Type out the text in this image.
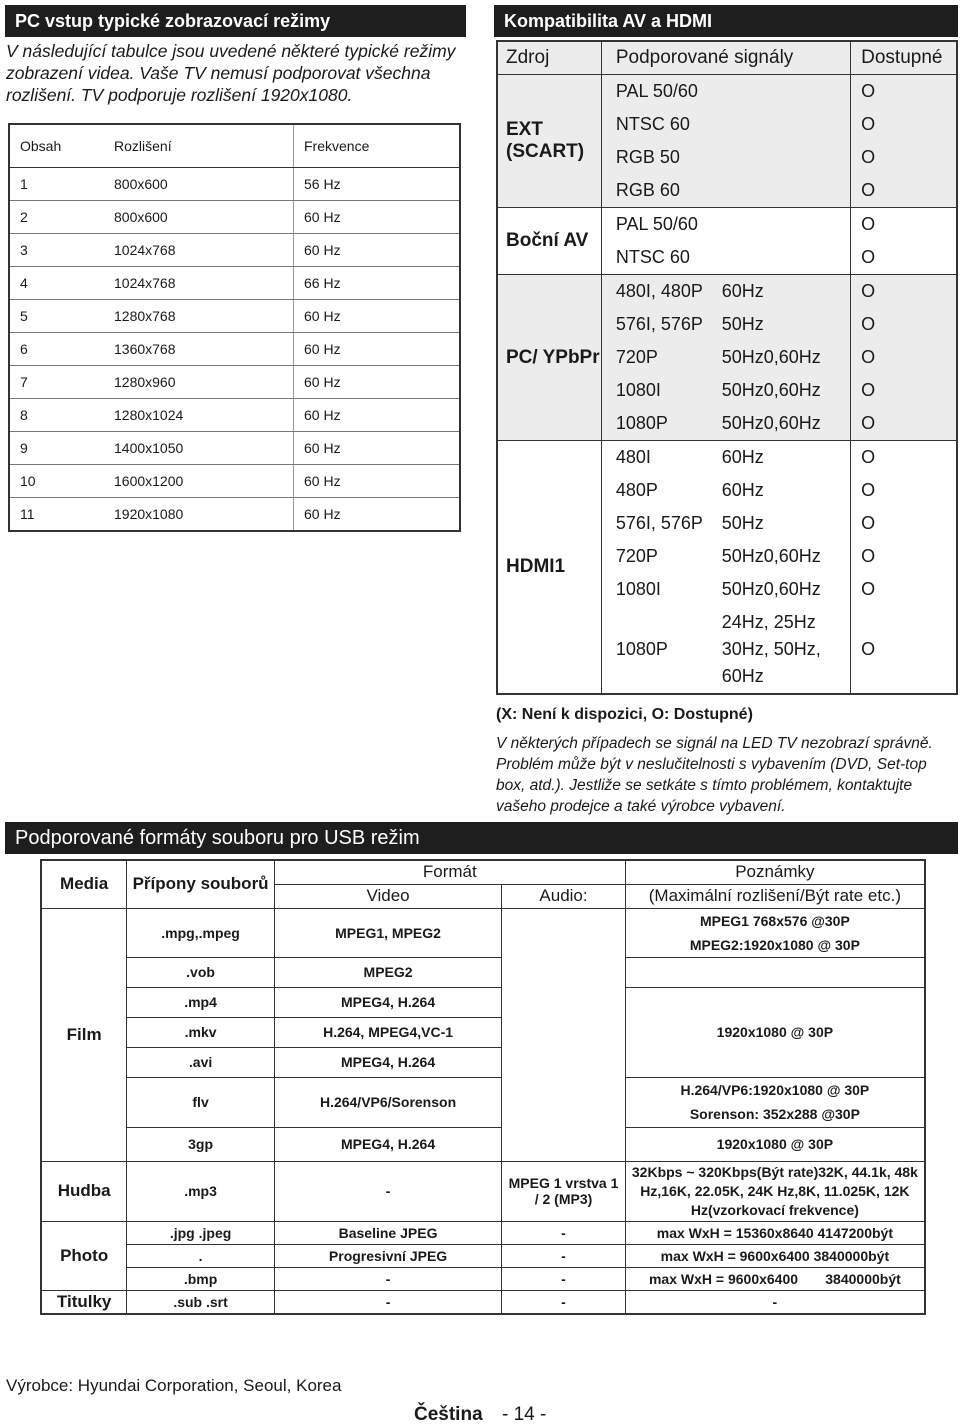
PC vstup typické zobrazovací režimy
V následující tabulce jsou uvedené některé typické režimy zobrazení videa. Vaše TV nemusí podporovat všechna rozlišení. TV podporuje rozlišení 1920x1080.
Obsah	Rozlišení	Frekvence
1	800x600	56 Hz
2	800x600	60 Hz
3	1024x768	60 Hz
4	1024x768	66 Hz
5	1280x768	60 Hz
6	1360x768	60 Hz
7	1280x960	60 Hz
8	1280x1024	60 Hz
9	1400x1050	60 Hz
10	1600x1200	60 Hz
11	1920x1080	60 Hz
Kompatibilita AV a HDMI
Zdroj	Podporované signály		Dostupné
EXT (SCART)	PAL 50/60		O
	NTSC 60		O
	RGB 50		O
	RGB 60		O
Boční AV	PAL 50/60		O
	NTSC 60		O
PC/ YPbPr	480I, 480P	60Hz	O
	576I, 576P	50Hz	O
	720P	50Hz0,60Hz	O
	1080I	50Hz0,60Hz	O
	1080P	50Hz0,60Hz	O
HDMI1	480I	60Hz	O
	480P	60Hz	O
	576I, 576P	50Hz	O
	720P	50Hz0,60Hz	O
	1080I	50Hz0,60Hz	O
	1080P	24Hz, 25Hz 30Hz, 50Hz, 60Hz	O
(X: Není k dispozici, O: Dostupné)
V některých případech se signál na LED TV nezobrazí správně. Problém může být v neslučitelnosti s vybavením (DVD, Set-top box, atd.). Jestliže se setkáte s tímto problémem, kontaktujte vašeho prodejce a také výrobce vybavení.
Podporované formáty souboru pro USB režim
Media	Přípony souborů	Formát		Poznámky
		Video	Audio:	(Maximální rozlišení/Být rate etc.)
Film	.mpg,.mpeg	MPEG1, MPEG2		MPEG1 768x576 @30P
MPEG2:1920x1080 @ 30P

	.vob	MPEG2		
	.mp4	MPEG4, H.264		1920x1080 @ 30P
	.mkv	H.264, MPEG4,VC-1		
	.avi	MPEG4, H.264		
	flv	H.264/VP6/Sorenson		H.264/VP6:1920x1080 @ 30P
Sorenson: 352x288 @30P

	3gp	MPEG4, H.264		1920x1080 @ 30P
Hudba	.mp3	-	MPEG 1 vrstva 1 / 2 (MP3)	32Kbps ~ 320Kbps(Být rate)32K, 44.1k, 48k Hz,16K, 22.05K, 24K Hz,8K, 11.025K, 12K Hz(vzorkovací frekvence)
Photo	.jpg .jpeg	Baseline JPEG	-	max WxH = 15360x8640 4147200být
	.	Progresivní JPEG	-	max WxH = 9600x6400 3840000být
	.bmp	-	-	max WxH = 9600x6400       3840000být
Titulky	.sub .srt	-	-	-
Výrobce: Hyundai Corporation, Seoul, Korea
Čeština - 14 -
